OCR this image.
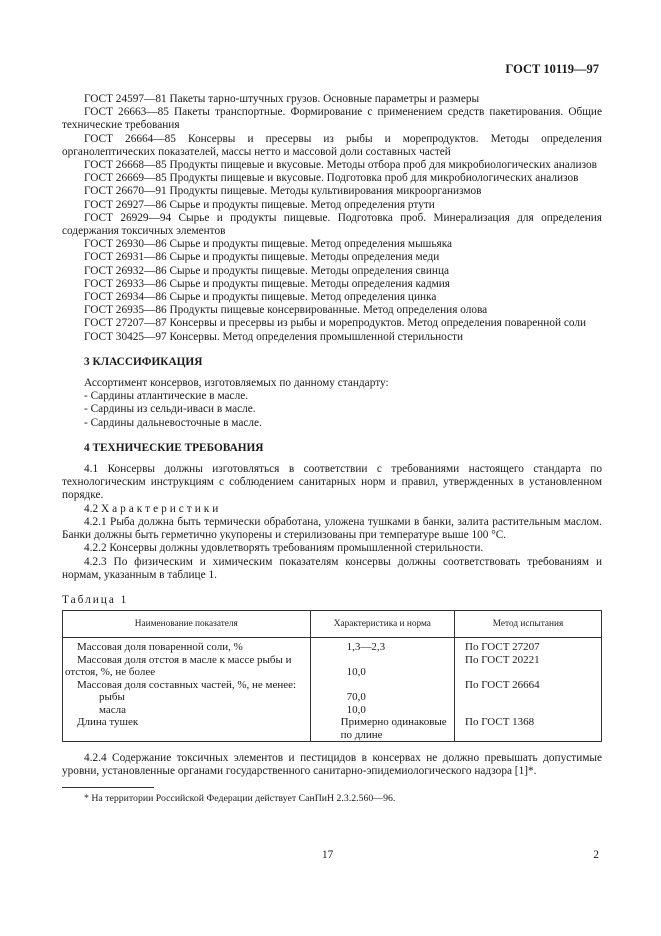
ГОСТ 10119—97

ГОСТ 24597—81 Пакеты тарно-штучных грузов. Основные параметры и размеры

ГОСТ 26663—85 Пакеты транспортные. Формирование с применением средств пакетирования. Общие технические требования

ГОСТ 26664—85 Консервы и пресервы из рыбы и морепродуктов. Методы определения органолептических показателей, массы нетто и массовой доли составных частей

ГОСТ 26668—85 Продукты пищевые и вкусовые. Методы отбора проб для микробиологических анализов

ГОСТ 26669—85 Продукты пищевые и вкусовые. Подготовка проб для микробиологических анализов

ГОСТ 26670—91 Продукты пищевые. Методы культивирования микроорганизмов

ГОСТ 26927—86 Сырье и продукты пищевые. Метод определения ртути

ГОСТ 26929—94 Сырье и продукты пищевые. Подготовка проб. Минерализация для определения содержания токсичных элементов

ГОСТ 26930—86 Сырье и продукты пищевые. Метод определения мышьяка

ГОСТ 26931—86 Сырье и продукты пищевые. Методы определения меди

ГОСТ 26932—86 Сырье и продукты пищевые. Методы определения свинца

ГОСТ 26933—86 Сырье и продукты пищевые. Методы определения кадмия

ГОСТ 26934—86 Сырье и продукты пищевые. Метод определения цинка

ГОСТ 26935—86 Продукты пищевые консервированные. Метод определения олова

ГОСТ 27207—87 Консервы и пресервы из рыбы и морепродуктов. Метод определения поваренной соли

ГОСТ 30425—97 Консервы. Метод определения промышленной стерильности

3 КЛАССИФИКАЦИЯ

Ассортимент консервов, изготовляемых по данному стандарту:

- Сардины атлантические в масле.

- Сардины из сельди-иваси в масле.

- Сардины дальневосточные в масле.

4 ТЕХНИЧЕСКИЕ ТРЕБОВАНИЯ

4.1 Консервы должны изготовляться в соответствии с требованиями настоящего стандарта по технологическим инструкциям с соблюдением санитарных норм и правил, утвержденных в установленном порядке.

4.2 Характеристики

4.2.1 Рыба должна быть термически обработана, уложена тушками в банки, залита растительным маслом. Банки должны быть герметично укупорены и стерилизованы при температуре выше 100 °С.

4.2.2 Консервы должны удовлетворять требованиям промышленной стерильности.

4.2.3 По физическим и химическим показателям консервы должны соответствовать требованиям и нормам, указанным в таблице 1.

Таблица 1

Наименование показателя	Характеристика и норма	Метод испытания
Массовая доля поваренной соли, %	1,3—2,3	По ГОСТ 27207
Массовая доля отстоя в масле к массе рыбы и отстоя, %, не более	10,0	По ГОСТ 20221
Массовая доля составных частей, %, не менее:		По ГОСТ 26664
рыбы	70,0	
масла	10,0	
Длина тушек	Примерно одинаковые по длине	По ГОСТ 1368

4.2.4 Содержание токсичных элементов и пестицидов в консервах не должно превышать допустимые уровни, установленные органами государственного санитарно-эпидемиологического надзора [1]*.

* На территории Российской Федерации действует СанПиН 2.3.2.560—96.

17	2
